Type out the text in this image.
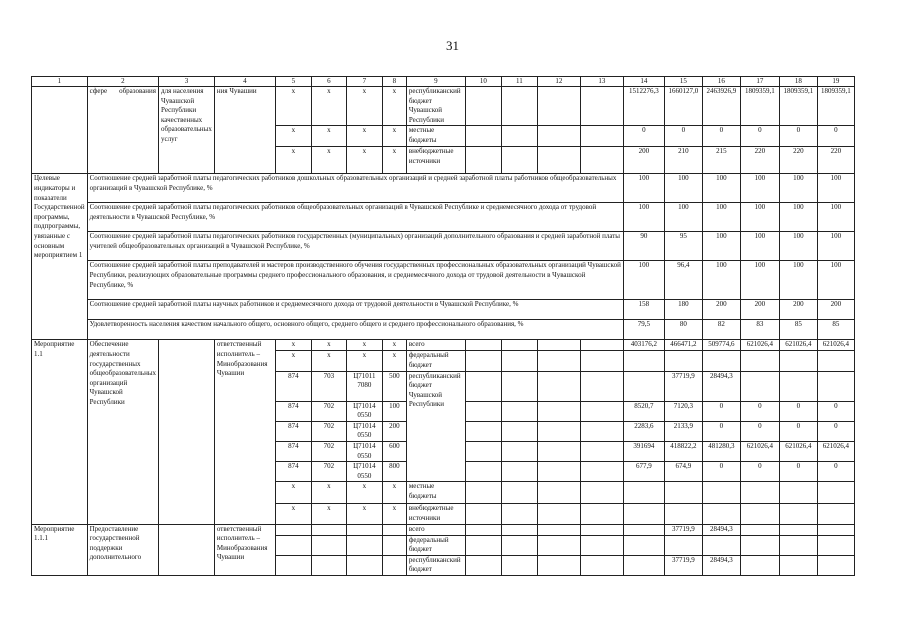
31
1	2	3	4	5	6	7	8	9	10	11	12	13	14	15	16	17	18	19
	сфере образования	для населения Чувашской Республики качественных образовательных услуг	ния Чувашии	x	x	x	x	республиканский бюджет Чувашской Республики					1512276,3	1660127,0	2463926,9	1809359,1	1809359,1	1809359,1
				x	x	x	x	местные бюджеты					0	0	0	0	0	0
				x	x	x	x	внебюджетные источники					200	210	215	220	220	220
Целевые индикаторы и показатели Государственной программы, подпрограммы, увязанные с основным мероприятием 1	Соотношение средней заработной платы педагогических работников дошкольных образовательных организаций и средней заработной платы работников общеобразовательных организаций в Чувашской Республике, %												100	100	100	100	100	100
	Соотношение средней заработной платы педагогических работников общеобразовательных организаций в Чувашской Республике и среднемесячного дохода от трудовой деятельности в Чувашской Республике, %												100	100	100	100	100	100
	Соотношение средней заработной платы педагогических работников государственных (муниципальных) организаций дополнительного образования и средней заработной платы учителей общеобразовательных организаций в Чувашской Республике, %												90	95	100	100	100	100
	Соотношение средней заработной платы преподавателей и мастеров производственного обучения государственных профессиональных образовательных организаций Чувашской Республики, реализующих образовательные программы среднего профессионального образования, и среднемесячного дохода от трудовой деятельности в Чувашской Республике, %												100	96,4	100	100	100	100
	Соотношение средней заработной платы научных работников и среднемесячного дохода от трудовой деятельности в Чувашской Республике, %												158	180	200	200	200	200
	Удовлетворенность населения качеством начального общего, основного общего, среднего общего и среднего профессионального образования, %												79,5	80	82	83	85	85
Мероприятие 1.1	Обеспечение деятельности государственных общеобразовательных организаций Чувашской Республики		ответственный исполнитель – Минобразования Чувашии	x	x	x	x	всего					403176,2	466471,2	509774,6	621026,4	621026,4	621026,4
				x	x	x	x	федеральный бюджет										
				874	703	Ц71011 7080	500	республиканский бюджет Чувашской Республики						37719,9	28494,3			
				874	702	Ц71014 0550	100						8520,7	7120,3	0	0	0	0
				874	702	Ц71014 0550	200						2283,6	2133,9	0	0	0	0
				874	702	Ц71014 0550	600						391694	418822,2	481280,3	621026,4	621026,4	621026,4
				874	702	Ц71014 0550	800						677,9	674,9	0	0	0	0
				x	x	x	x	местные бюджеты										
				x	x	x	x	внебюджетные источники										
Мероприятие 1.1.1	Предоставление государственной поддержки дополнительного		ответственный исполнитель – Минобразования Чувашии					всего						37719,9	28494,3			
								федеральный бюджет										
								республиканский бюджет						37719,9	28494,3			
